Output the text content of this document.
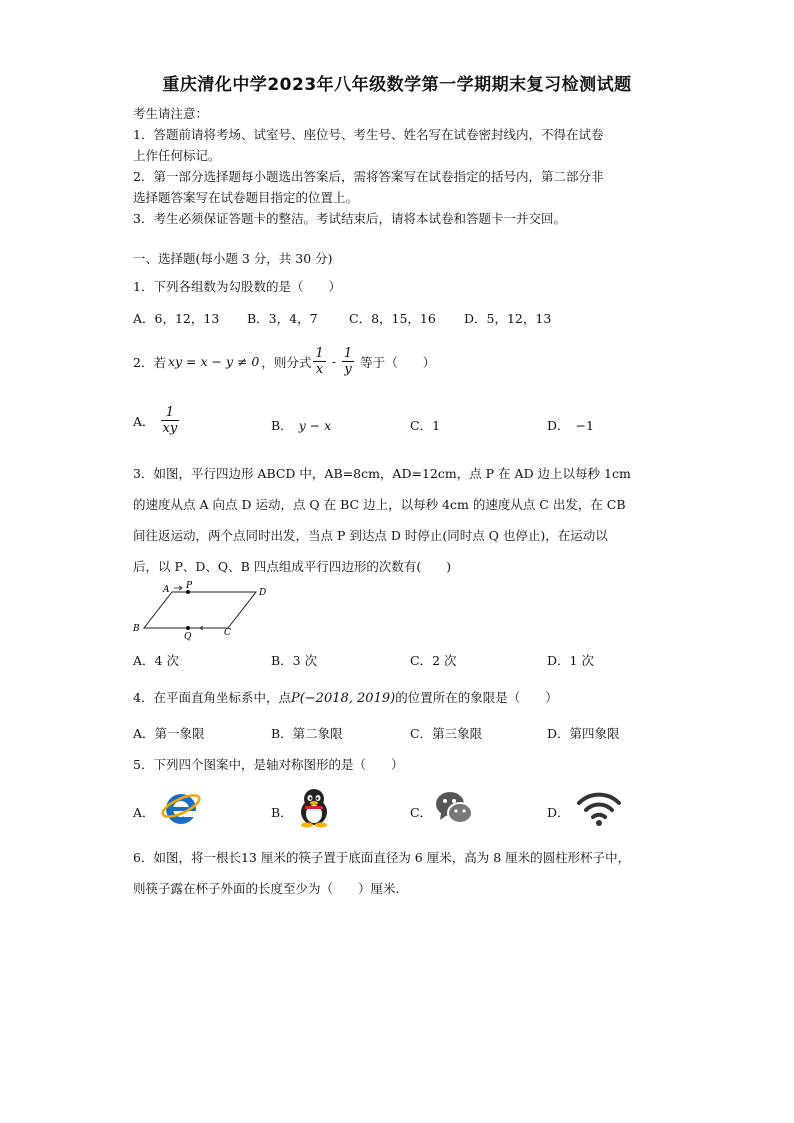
重庆清化中学2023年八年级数学第一学期期末复习检测试题
考生请注意：
1．答题前请将考场、试室号、座位号、考生号、姓名写在试卷密封线内，不得在试卷
上作任何标记。
2．第一部分选择题每小题选出答案后，需将答案写在试卷指定的括号内，第二部分非
选择题答案写在试卷题目指定的位置上。
3．考生必须保证答题卡的整洁。考试结束后，请将本试卷和答题卡一并交回。
一、选择题(每小题 3 分，共 30 分)
1．下列各组数为勾股数的是（　　）
A．6，12，13 B．3，4，7	C．8，15，16 D．5，12，13
2．若 xy = x − y ≠ 0 ，则分式 $\frac{1}{x} - \frac{1}{y}$ 等于（　　）
A． $\frac{1}{xy}$	B． y − x	C．1	D． −1
3．如图，平行四边形 ABCD 中，AB=8cm，AD=12cm，点 P 在 AD 边上以每秒 1cm
的速度从点 A 向点 D 运动，点 Q 在 BC 边上，以每秒 4cm 的速度从点 C 出发，在 CB
间往返运动，两个点同时出发，当点 P 到达点 D 时停止(同时点 Q 也停止)，在运动以
后，以 P、D、Q、B 四点组成平行四边形的次数有(　　)
A P
D
B
Q	C
A．4 次	B．3 次	C．2 次	D．1 次
4．在平面直角坐标系中，点P(−2018, 2019)的位置所在的象限是（　　）
A．第一象限	B．第二象限	C．第三象限	D．第四象限
5．下列四个图案中，是轴对称图形的是（　　）
A．	B．	C．	D．
6．如图，将一根长13 厘米的筷子置于底面直径为 6 厘米，高为 8 厘米的圆柱形杯子中，
则筷子露在杯子外面的长度至少为（　　）厘米.
